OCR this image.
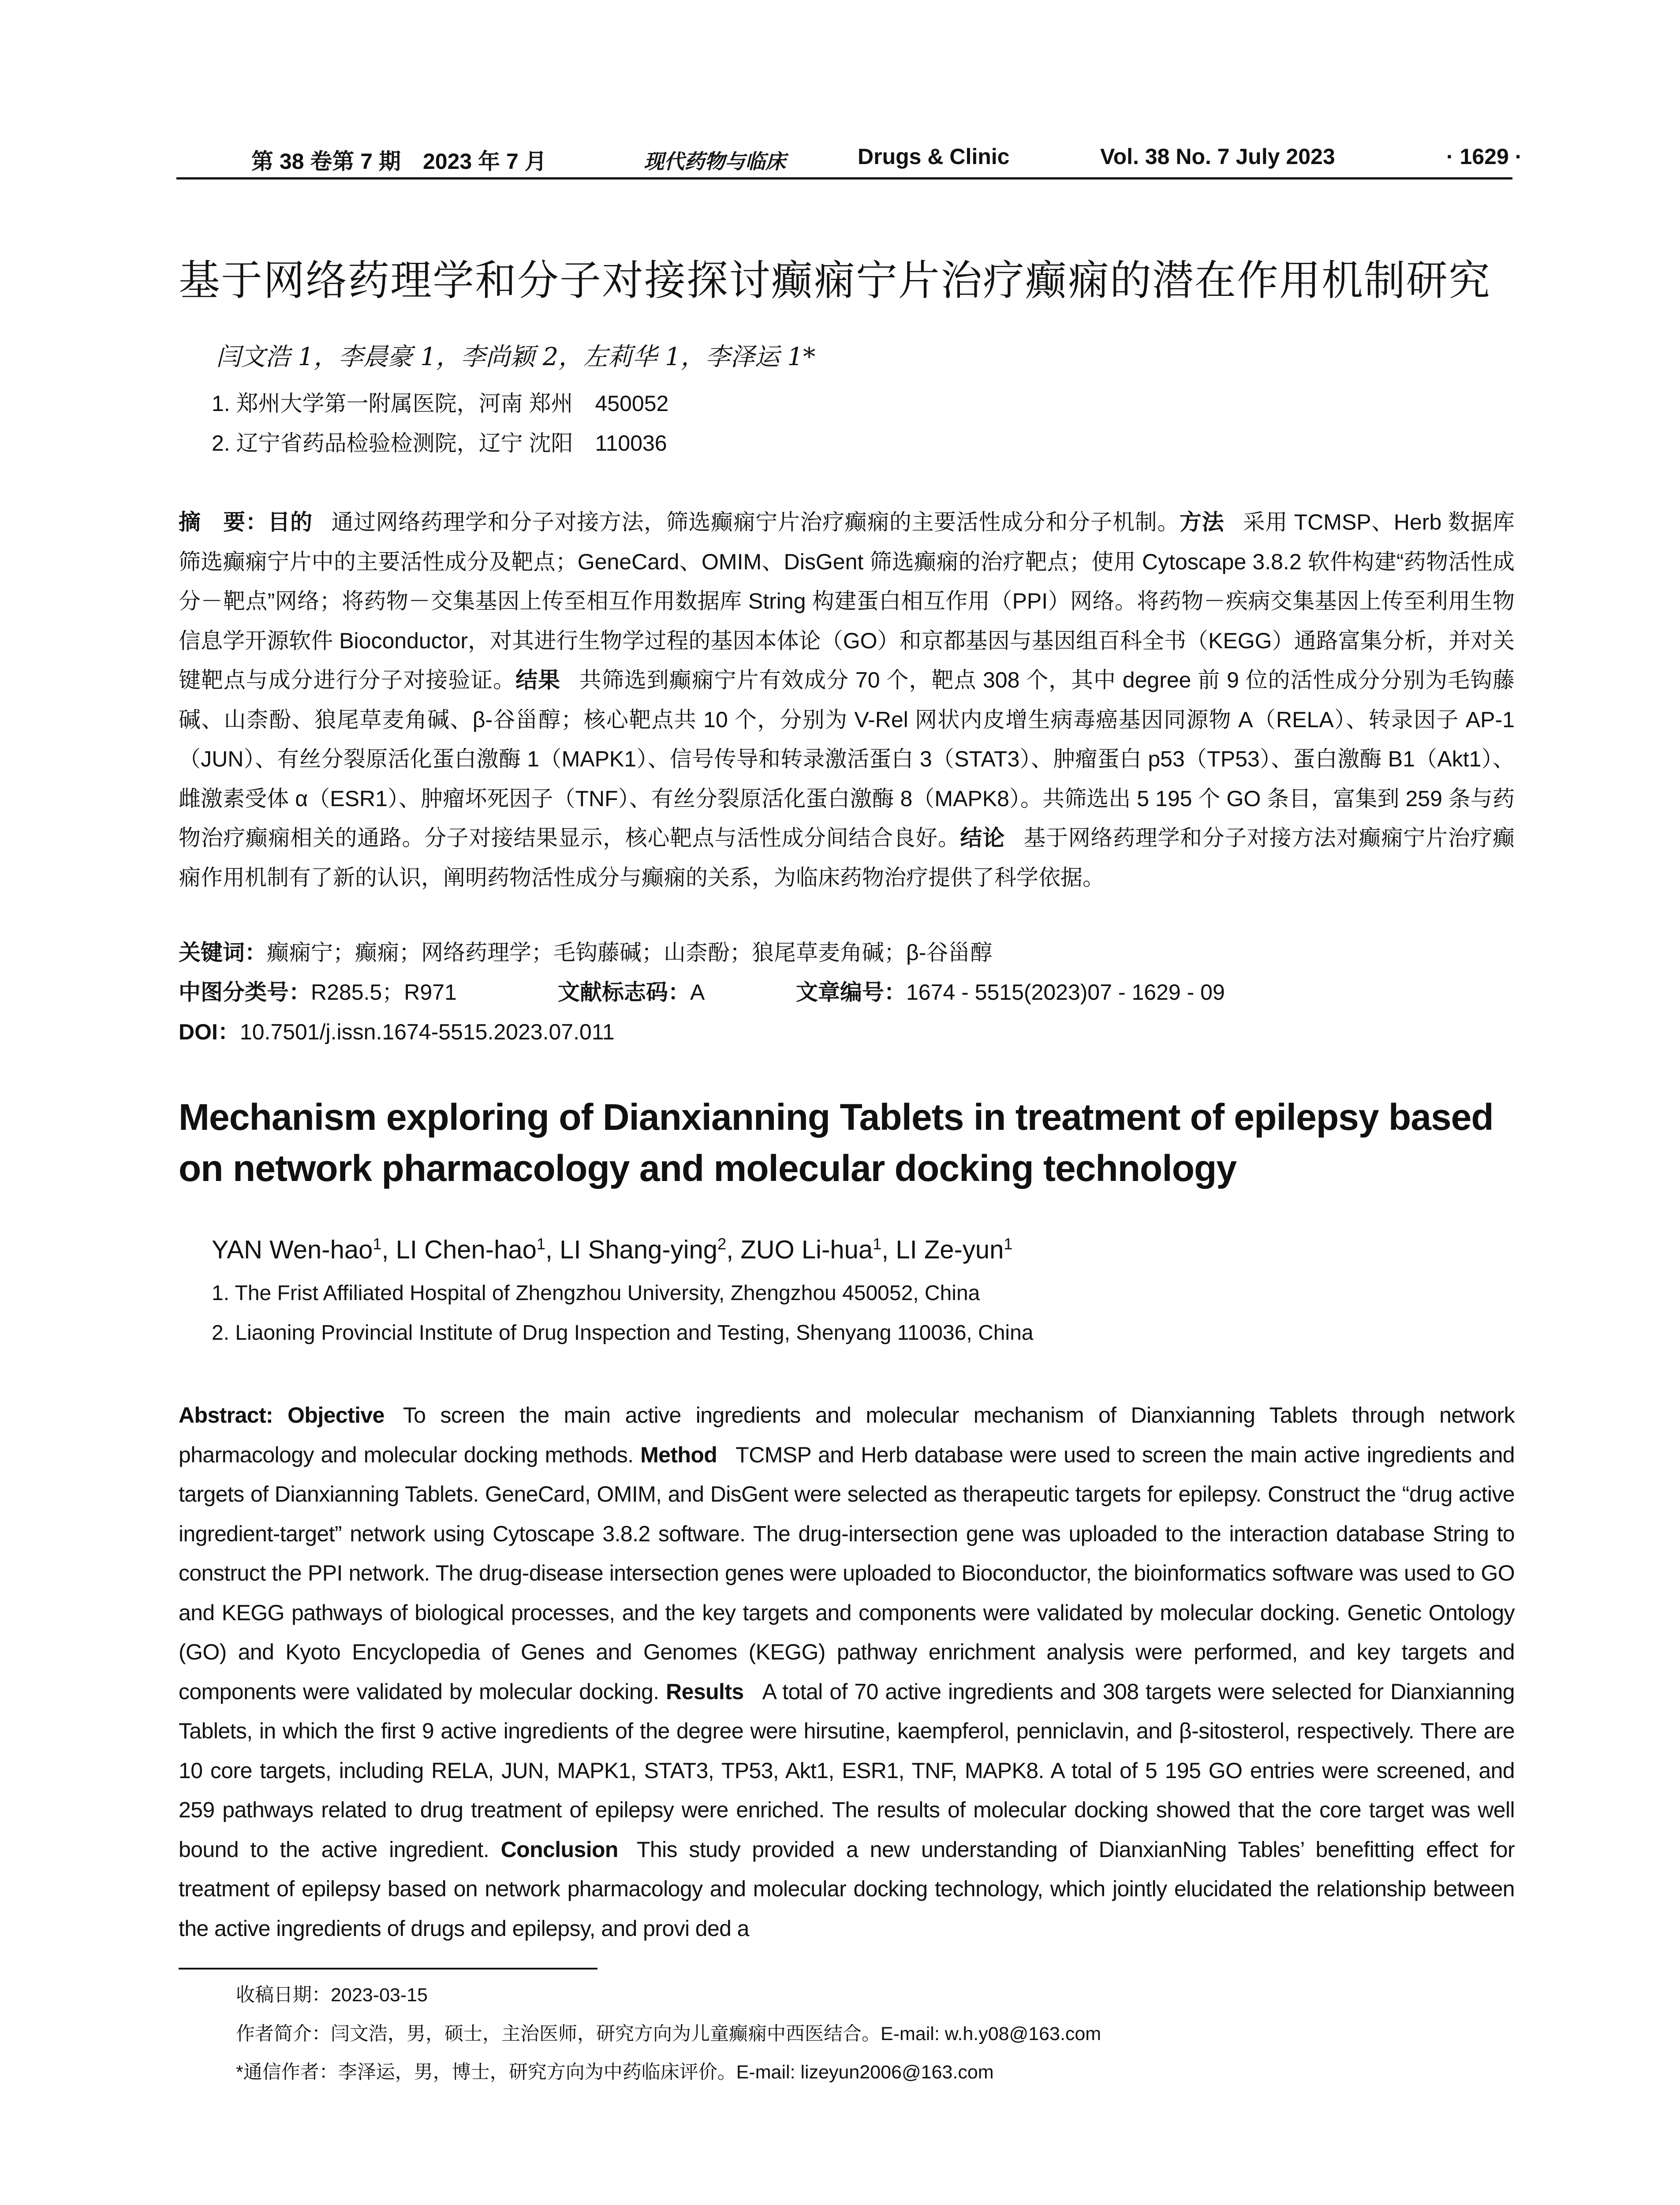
第 38 卷第 7 期　2023 年 7 月	现代药物与临床	Drugs & Clinic	Vol. 38 No. 7 July 2023	· 1629 ·
基于网络药理学和分子对接探讨癫痫宁片治疗癫痫的潜在作用机制研究
闫文浩 1，李晨豪 1，李尚颖 2，左莉华 1，李泽运 1*
1. 郑州大学第一附属医院，河南 郑州　450052
2. 辽宁省药品检验检测院，辽宁 沈阳　110036
摘　要：目的 通过网络药理学和分子对接方法，筛选癫痫宁片治疗癫痫的主要活性成分和分子机制。方法 采用 TCMSP、Herb 数据库筛选癫痫宁片中的主要活性成分及靶点；GeneCard、OMIM、DisGent 筛选癫痫的治疗靶点；使用 Cytoscape 3.8.2 软件构建“药物活性成分－靶点”网络；将药物－交集基因上传至相互作用数据库 String 构建蛋白相互作用（PPI）网络。将药物－疾病交集基因上传至利用生物信息学开源软件 Bioconductor，对其进行生物学过程的基因本体论（GO）和京都基因与基因组百科全书（KEGG）通路富集分析，并对关键靶点与成分进行分子对接验证。结果 共筛选到癫痫宁片有效成分 70 个，靶点 308 个，其中 degree 前 9 位的活性成分分别为毛钩藤碱、山柰酚、狼尾草麦角碱、β-谷甾醇；核心靶点共 10 个，分别为 V-Rel 网状内皮增生病毒癌基因同源物 A（RELA）、转录因子 AP-1（JUN）、有丝分裂原活化蛋白激酶 1（MAPK1）、信号传导和转录激活蛋白 3（STAT3）、肿瘤蛋白 p53（TP53）、蛋白激酶 B1（Akt1）、雌激素受体 α（ESR1）、肿瘤坏死因子（TNF）、有丝分裂原活化蛋白激酶 8（MAPK8）。共筛选出 5 195 个 GO 条目，富集到 259 条与药物治疗癫痫相关的通路。分子对接结果显示，核心靶点与活性成分间结合良好。结论 基于网络药理学和分子对接方法对癫痫宁片治疗癫痫作用机制有了新的认识，阐明药物活性成分与癫痫的关系，为临床药物治疗提供了科学依据。
关键词：癫痫宁；癫痫；网络药理学；毛钩藤碱；山柰酚；狼尾草麦角碱；β-谷甾醇
中图分类号：R285.5；R971	文献标志码：A	文章编号：1674 - 5515(2023)07 - 1629 - 09
DOI：10.7501/j.issn.1674-5515.2023.07.011
Mechanism exploring of Dianxianning Tablets in treatment of epilepsy based on network pharmacology and molecular docking technology
YAN Wen-hao$^1$, LI Chen-hao$^1$, LI Shang-ying$^2$, ZUO Li-hua$^1$, LI Ze-yun$^1$
1. The Frist Affiliated Hospital of Zhengzhou University, Zhengzhou 450052, China
2. Liaoning Provincial Institute of Drug Inspection and Testing, Shenyang 110036, China
Abstract: Objective To screen the main active ingredients and molecular mechanism of Dianxianning Tablets through network pharmacology and molecular docking methods. Method TCMSP and Herb database were used to screen the main active ingredients and targets of Dianxianning Tablets. GeneCard, OMIM, and DisGent were selected as therapeutic targets for epilepsy. Construct the “drug active ingredient-target” network using Cytoscape 3.8.2 software. The drug-intersection gene was uploaded to the interaction database String to construct the PPI network. The drug-disease intersection genes were uploaded to Bioconductor, the bioinformatics software was used to GO and KEGG pathways of biological processes, and the key targets and components were validated by molecular docking. Genetic Ontology (GO) and Kyoto Encyclopedia of Genes and Genomes (KEGG) pathway enrichment analysis were performed, and key targets and components were validated by molecular docking. Results A total of 70 active ingredients and 308 targets were selected for Dianxianning Tablets, in which the first 9 active ingredients of the degree were hirsutine, kaempferol, penniclavin, and β-sitosterol, respectively. There are 10 core targets, including RELA, JUN, MAPK1, STAT3, TP53, Akt1, ESR1, TNF, MAPK8. A total of 5 195 GO entries were screened, and 259 pathways related to drug treatment of epilepsy were enriched. The results of molecular docking showed that the core target was well bound to the active ingredient. Conclusion This study provided a new understanding of DianxianNing Tables’ benefitting effect for treatment of epilepsy based on network pharmacology and molecular docking technology, which jointly elucidated the relationship between the active ingredients of drugs and epilepsy, and provi ded a
收稿日期：2023-03-15
作者简介：闫文浩，男，硕士，主治医师，研究方向为儿童癫痫中西医结合。E-mail: w.h.y08@163.com
*通信作者：李泽运，男，博士，研究方向为中药临床评价。E-mail: lizeyun2006@163.com
